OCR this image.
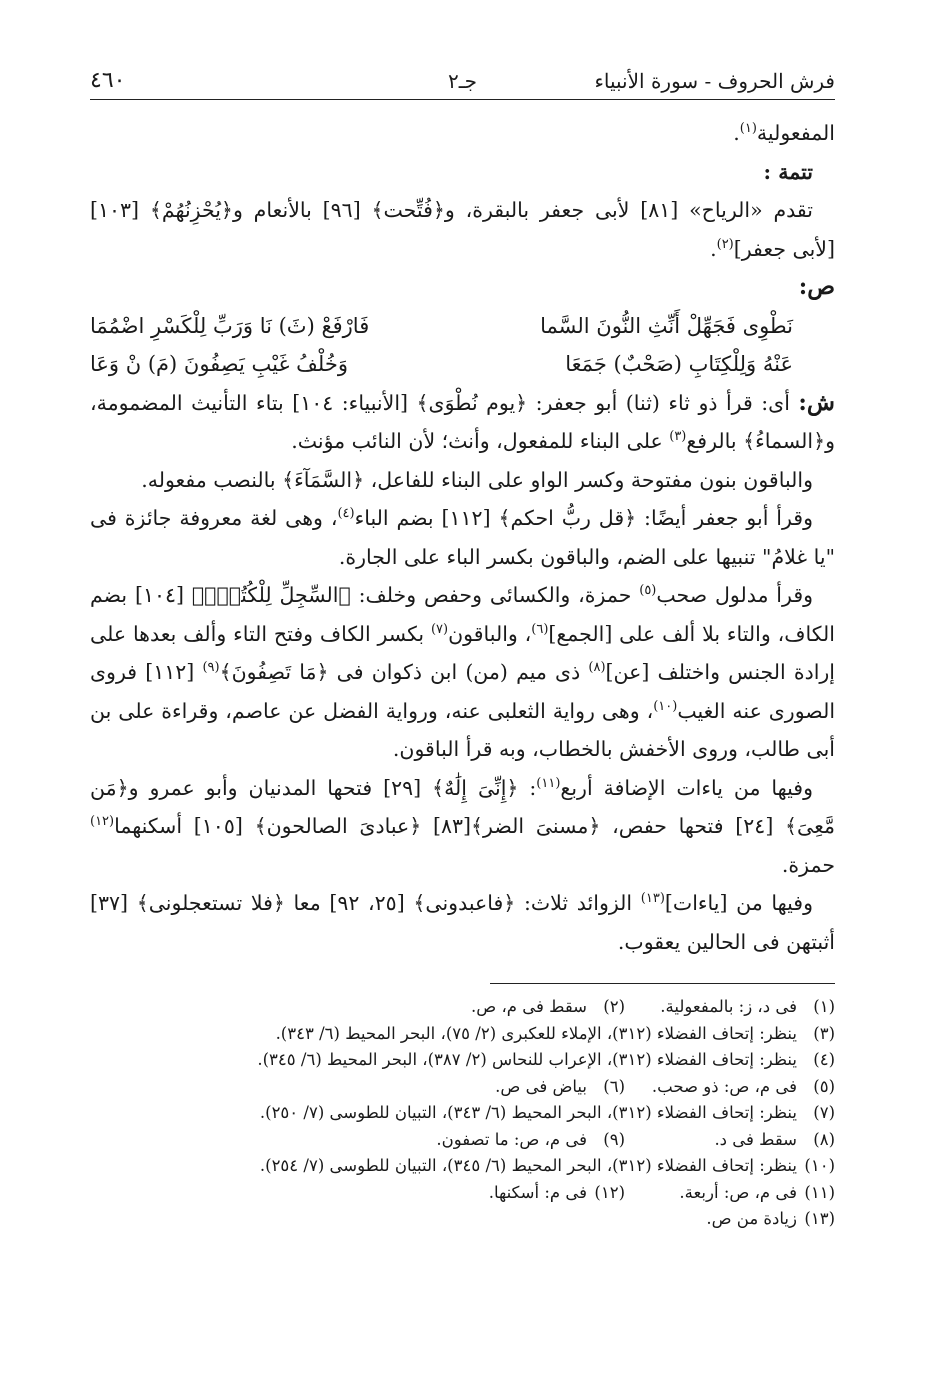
فرش الحروف - سورة الأنبياء
جـ٢
٤٦٠

المفعولية$^{(١)}$.

تتمة :

تقدم «الرياح» [٨١] لأبى جعفر بالبقرة، و﴿فُتِّحت﴾ [٩٦] بالأنعام و﴿يُحْزِنُهُمْ﴾ [١٠٣] [لأبى جعفر]$^{(٢)}$.

ص:
نَطْوِى فَجَهِّلْ أَنِّثِ النُّونَ السَّما
فَارْفَعْ (ثَ) نَا وَرَبِّ لِلْكَسْرِ اضْمُمَا
عَنْهُ وَلِلْكِتَابِ (صَحْبٌ) جَمَعَا
وَخُلْفُ غَيْبِ يَصِفُونَ (مَ) نْ وَعَا

ش: أى: قرأ ذو ثاء (ثنا) أبو جعفر: ﴿يوم نُطْوَى﴾ [الأنبياء: ١٠٤] بتاء التأنيث المضمومة، و﴿السماءُ﴾ بالرفع$^{(٣)}$ على البناء للمفعول، وأنث؛ لأن النائب مؤنث.

والباقون بنون مفتوحة وكسر الواو على البناء للفاعل، ﴿السَّمَآءَ﴾ بالنصب مفعوله.

وقرأ أبو جعفر أيضًا: ﴿قل ربُّ احكم﴾ [١١٢] بضم الباء$^{(٤)}$، وهى لغة معروفة جائزة فى "يا غلامُ" تنبيها على الضم، والباقون بكسر الباء على الجارة.

وقرأ مدلول صحب$^{(٥)}$ حمزة، والكسائى وحفص وخلف: ﴿السِّجِلِّ لِلْكُتُبِۚ﴾ [١٠٤] بضم الكاف، والتاء بلا ألف على [الجمع]$^{(٦)}$، والباقون$^{(٧)}$ بكسر الكاف وفتح التاء وألف بعدها على إرادة الجنس واختلف [عن]$^{(٨)}$ ذى ميم (من) ابن ذكوان فى ﴿مَا تَصِفُونَ﴾$^{(٩)}$ [١١٢] فروى الصورى عنه الغيب$^{(١٠)}$، وهى رواية الثعلبى عنه، ورواية الفضل عن عاصم، وقراءة على بن أبى طالب، وروى الأخفش بالخطاب، وبه قرأ الباقون.

وفيها من ياءات الإضافة أربع$^{(١١)}$: ﴿إِنِّىَ إِلَٰهٌ﴾ [٢٩] فتحها المدنيان وأبو عمرو و﴿مَن مَّعِىَ﴾ [٢٤] فتحها حفص، ﴿مسنىَ الضر﴾[٨٣] ﴿عبادىَ الصالحون﴾ [١٠٥] أسكنهما$^{(١٢)}$ حمزة.

وفيها من [ياءات]$^{(١٣)}$ الزوائد ثلاث: ﴿فاعبدونى﴾ [٢٥، ٩٢] معا ﴿فلا تستعجلونى﴾ [٣٧] أثبتهن فى الحالين يعقوب.

(١)فى د، ز: بالمفعولية.
(٢)سقط فى م، ص.
(٣)ينظر: إتحاف الفضلاء (٣١٢)، الإملاء للعكبرى (٢/ ٧٥)، البحر المحيط (٦/ ٣٤٣).
(٤)ينظر: إتحاف الفضلاء (٣١٢)، الإعراب للنحاس (٢/ ٣٨٧)، البحر المحيط (٦/ ٣٤٥).
(٥)فى م، ص: ذو صحب.
(٦)بياض فى ص.
(٧)ينظر: إتحاف الفضلاء (٣١٢)، البحر المحيط (٦/ ٣٤٣)، التبيان للطوسى (٧/ ٢٥٠).
(٨)سقط فى د.
(٩)فى م، ص: ما تصفون.
(١٠)ينظر: إتحاف الفضلاء (٣١٢)، البحر المحيط (٦/ ٣٤٥)، التبيان للطوسى (٧/ ٢٥٤).
(١١)فى م، ص: أربعة.
(١٢)فى م: أسكنها.
(١٣)زيادة من ص.
